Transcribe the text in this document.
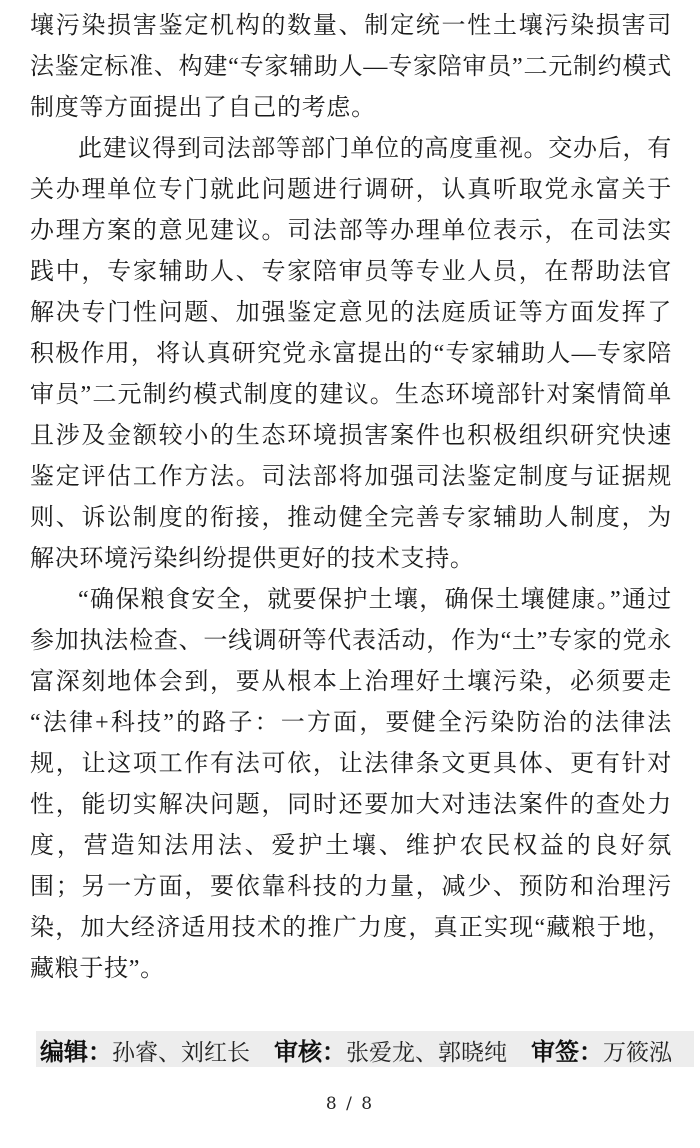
壤污染损害鉴定机构的数量、制定统一性土壤污染损害司法鉴定标准、构建“专家辅助人—专家陪审员”二元制约模式制度等方面提出了自己的考虑。

此建议得到司法部等部门单位的高度重视。交办后，有关办理单位专门就此问题进行调研，认真听取党永富关于办理方案的意见建议。司法部等办理单位表示，在司法实践中，专家辅助人、专家陪审员等专业人员，在帮助法官解决专门性问题、加强鉴定意见的法庭质证等方面发挥了积极作用，将认真研究党永富提出的“专家辅助人—专家陪审员”二元制约模式制度的建议。生态环境部针对案情简单且涉及金额较小的生态环境损害案件也积极组织研究快速鉴定评估工作方法。司法部将加强司法鉴定制度与证据规则、诉讼制度的衔接，推动健全完善专家辅助人制度，为解决环境污染纠纷提供更好的技术支持。

“确保粮食安全，就要保护土壤，确保土壤健康。”通过参加执法检查、一线调研等代表活动，作为“土”专家的党永富深刻地体会到，要从根本上治理好土壤污染，必须要走“法律+科技”的路子：一方面，要健全污染防治的法律法规，让这项工作有法可依，让法律条文更具体、更有针对性，能切实解决问题，同时还要加大对违法案件的查处力度，营造知法用法、爱护土壤、维护农民权益的良好氛围；另一方面，要依靠科技的力量，减少、预防和治理污染，加大经济适用技术的推广力度，真正实现“藏粮于地，藏粮于技”。

编辑：孙睿、刘红长 审核：张爱龙、郭晓纯 审签：万筱泓
8 / 8
